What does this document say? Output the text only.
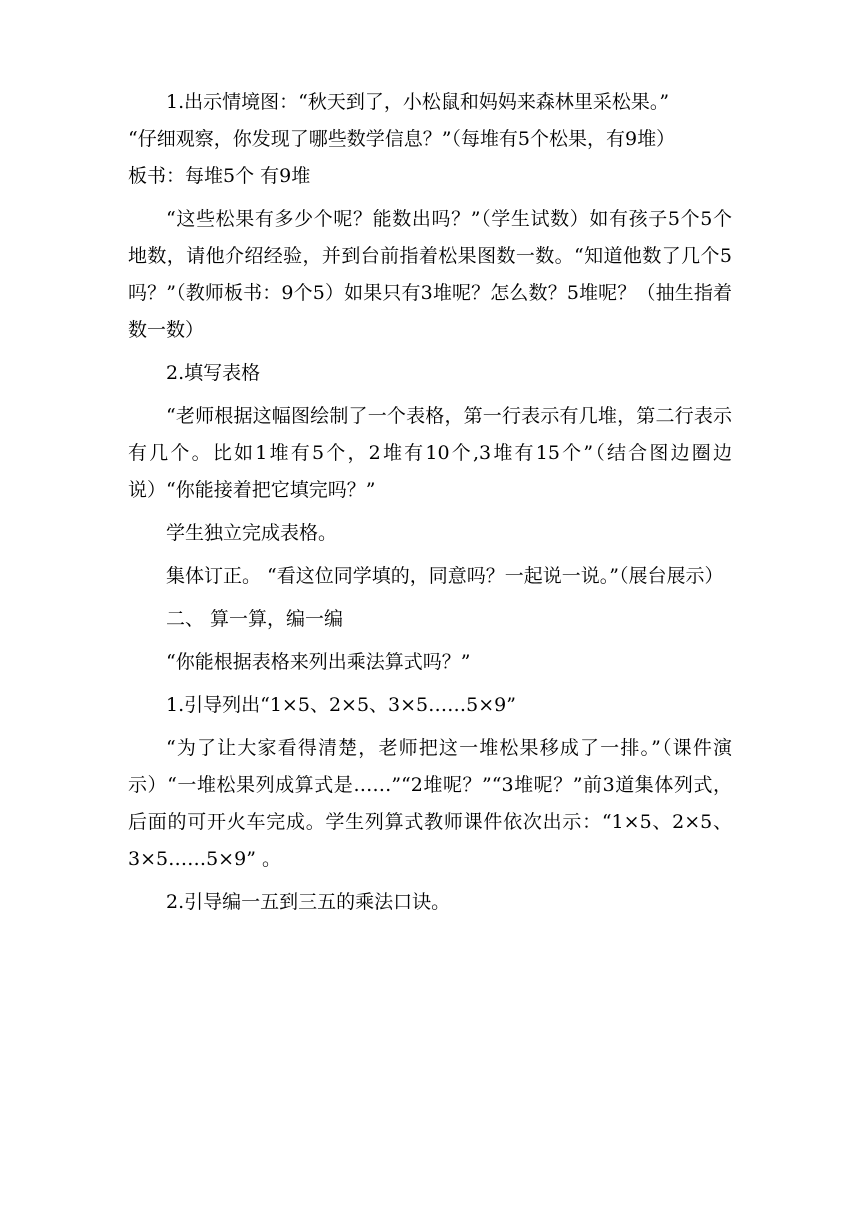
1.出示情境图：“秋天到了，小松鼠和妈妈来森林里采松果。”

“仔细观察，你发现了哪些数学信息？”（每堆有5个松果，有9堆）

板书：每堆5个 有9堆

“这些松果有多少个呢？能数出吗？”（学生试数）如有孩子5个5个地数，请他介绍经验，并到台前指着松果图数一数。“知道他数了几个5吗？”（教师板书：9个5）如果只有3堆呢？怎么数？5堆呢？（抽生指着数一数）

2.填写表格

“老师根据这幅图绘制了一个表格，第一行表示有几堆，第二行表示有几个。比如1堆有5个，2堆有10个,3堆有15个”（结合图边圈边说）“你能接着把它填完吗？”

学生独立完成表格。

集体订正。 “看这位同学填的，同意吗？一起说一说。”（展台展示）

二、 算一算，编一编

“你能根据表格来列出乘法算式吗？”

1.引导列出“1×5、2×5、3×5……5×9”

“为了让大家看得清楚，老师把这一堆松果移成了一排。”（课件演示）“一堆松果列成算式是……”“2堆呢？”“3堆呢？”前3道集体列式，后面的可开火车完成。学生列算式教师课件依次出示：“1×5、2×5、3×5……5×9” 。

2.引导编一五到三五的乘法口诀。
